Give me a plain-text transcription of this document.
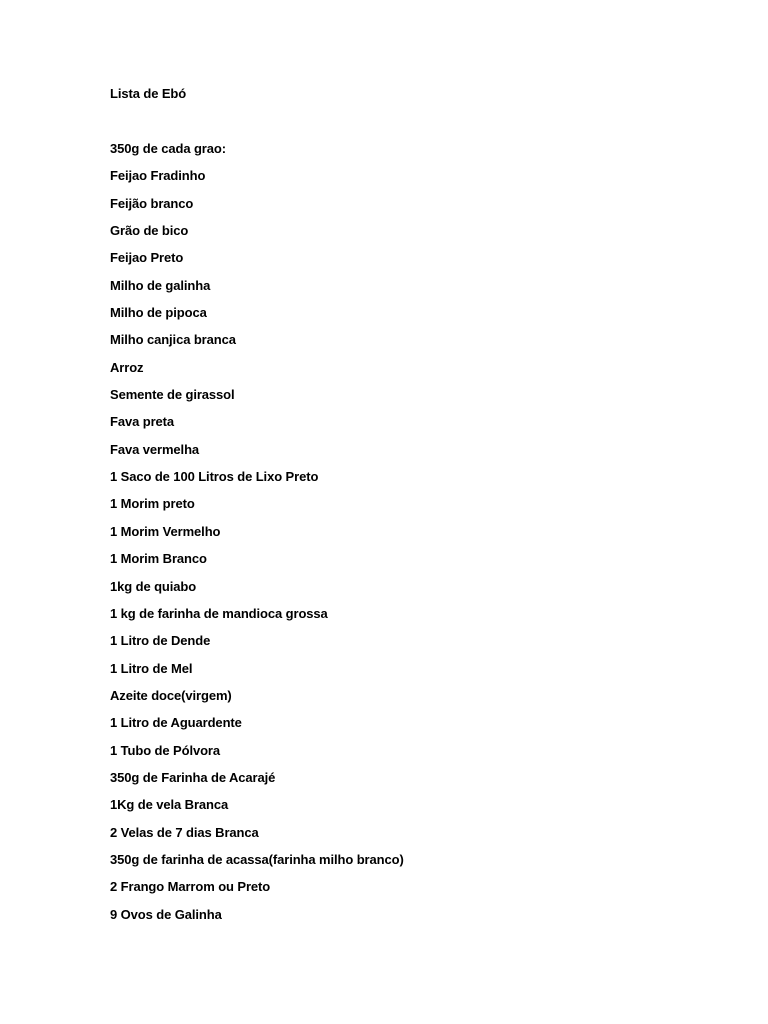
Lista de Ebó

350g de cada grao:
Feijao Fradinho
Feijão branco
Grão de bico
Feijao Preto
Milho de galinha
Milho de pipoca
Milho canjica branca
Arroz
Semente de girassol
Fava preta
Fava vermelha
1 Saco de 100 Litros de Lixo Preto
1 Morim preto
1 Morim Vermelho
1 Morim Branco
1kg de quiabo
1 kg de farinha de mandioca grossa
1 Litro de Dende
1 Litro de Mel
Azeite doce(virgem)
1 Litro de Aguardente
1 Tubo de Pólvora
350g de Farinha de Acarajé
1Kg de vela Branca
2 Velas de 7 dias Branca
350g de farinha de acassa(farinha milho branco)
2 Frango Marrom ou Preto
9 Ovos de Galinha
